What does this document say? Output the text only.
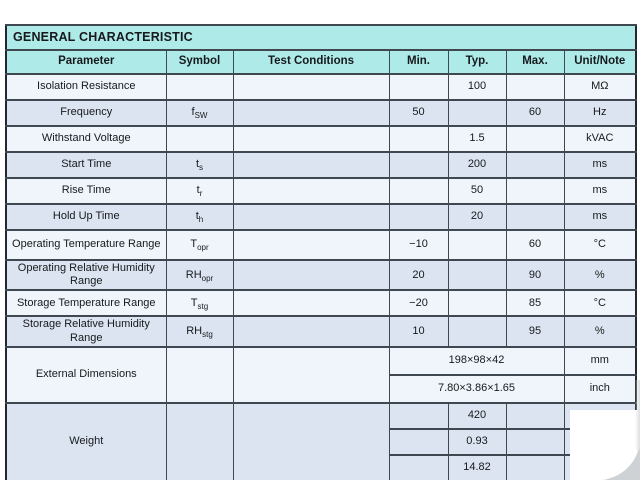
GENERAL CHARACTERISTIC						
Parameter	Symbol	Test Conditions	Min.	Typ.	Max.	Unit/Note
Isolation Resistance				100		MΩ
Frequency	$f_{SW}$		50		60	Hz
Withstand Voltage				1.5		kVAC
Start Time	$t_s$			200		ms
Rise Time	$t_r$			50		ms
Hold Up Time	$t_h$			20		ms
Operating Temperature Range	$T_{opr}$		−10		60	°C
Operating Relative Humidity Range	$RH_{opr}$		20		90	%
Storage Temperature Range	$T_{stg}$		−20		85	°C
Storage Relative Humidity Range	$RH_{stg}$		10		95	%
External Dimensions			198×98×42			mm
			7.80×3.86×1.65			inch
Weight				420		
				0.93		
				14.82		
